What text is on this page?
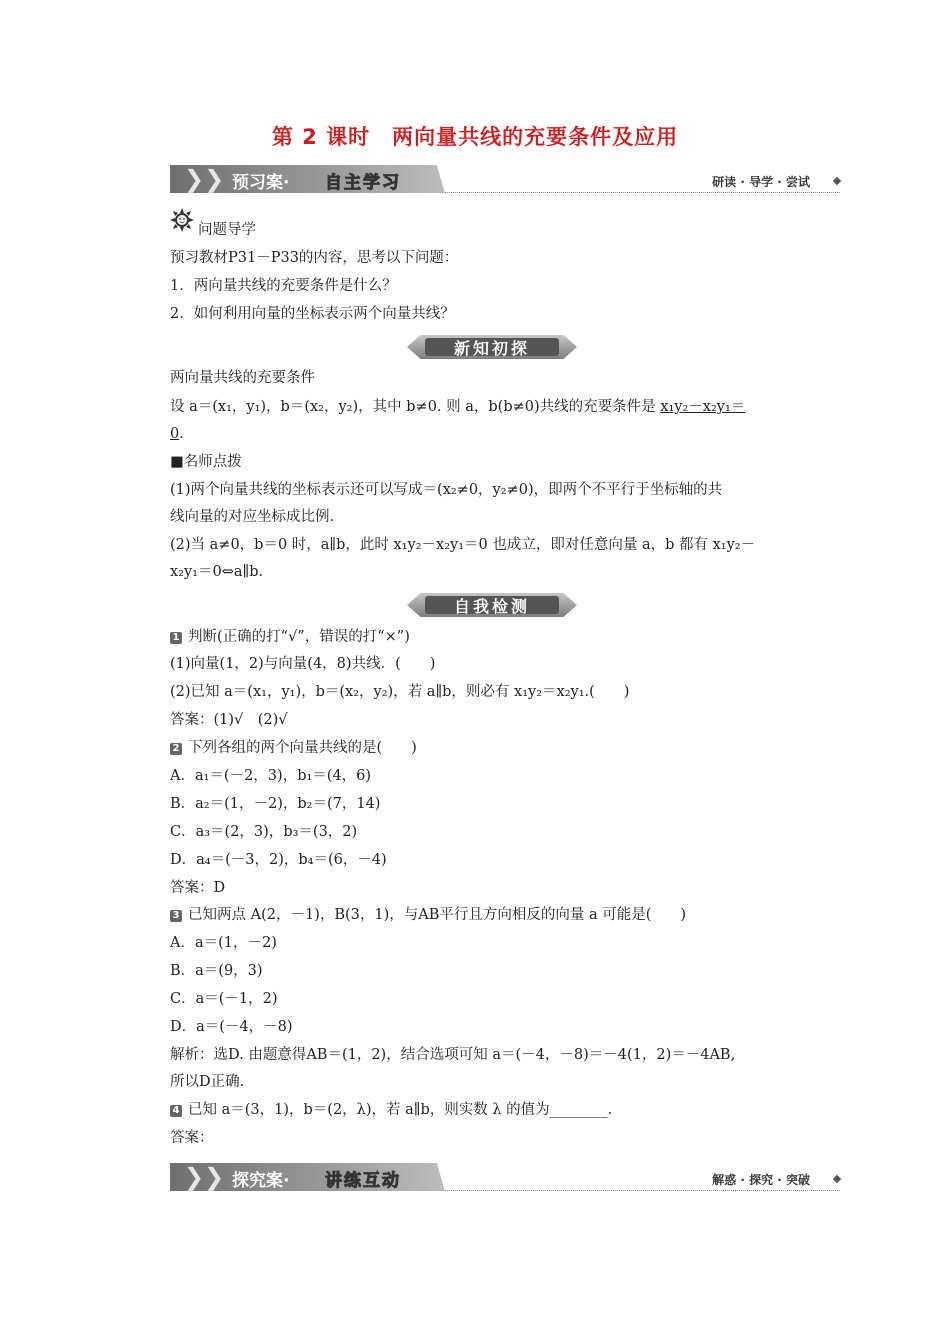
第 2 课时　两向量共线的充要条件及应用
❯❯ 预习案· 自主学习	研读 · 导学 · 尝试
问题导学
预习教材P31－P33的内容，思考以下问题：
1．两向量共线的充要条件是什么？
2．如何利用向量的坐标表示两个向量共线？
新知初探
两向量共线的充要条件
设 a＝(x₁，y₁)，b＝(x₂，y₂)，其中 b≠0. 则 a，b(b≠0)共线的充要条件是 x₁y₂－x₂y₁＝
0.
■名师点拨
(1)两个向量共线的坐标表示还可以写成＝(x₂≠0，y₂≠0)，即两个不平行于坐标轴的共
线向量的对应坐标成比例.
(2)当 a≠0，b＝0 时，a∥b，此时 x₁y₂－x₂y₁＝0 也成立，即对任意向量 a，b 都有 x₁y₂－
x₂y₁＝0⇔a∥b.
自我检测
1 判断(正确的打“√”，错误的打“×”)
(1)向量(1，2)与向量(4，8)共线．(　　)
(2)已知 a＝(x₁，y₁)，b＝(x₂，y₂)，若 a∥b，则必有 x₁y₂＝x₂y₁.(　　)
答案：(1)√　(2)√
2 下列各组的两个向量共线的是(　　)
A．a₁＝(－2，3)，b₁＝(4，6)
B．a₂＝(1，－2)，b₂＝(7，14)
C．a₃＝(2，3)，b₃＝(3，2)
D．a₄＝(－3，2)，b₄＝(6，－4)
答案：D
3 已知两点 A(2，－1)，B(3，1)，与AB平行且方向相反的向量 a 可能是(　　)
A．a＝(1，－2)
B．a＝(9，3)
C．a＝(－1，2)
D．a＝(－4，－8)
解析：选D. 由题意得AB＝(1，2)，结合选项可知 a＝(－4，－8)＝－4(1，2)＝－4AB,
所以D正确.
4 已知 a＝(3，1)，b＝(2，λ)，若 a∥b，则实数 λ 的值为________.
答案：
❯❯ 探究案· 讲练互动	解惑 · 探究 · 突破
